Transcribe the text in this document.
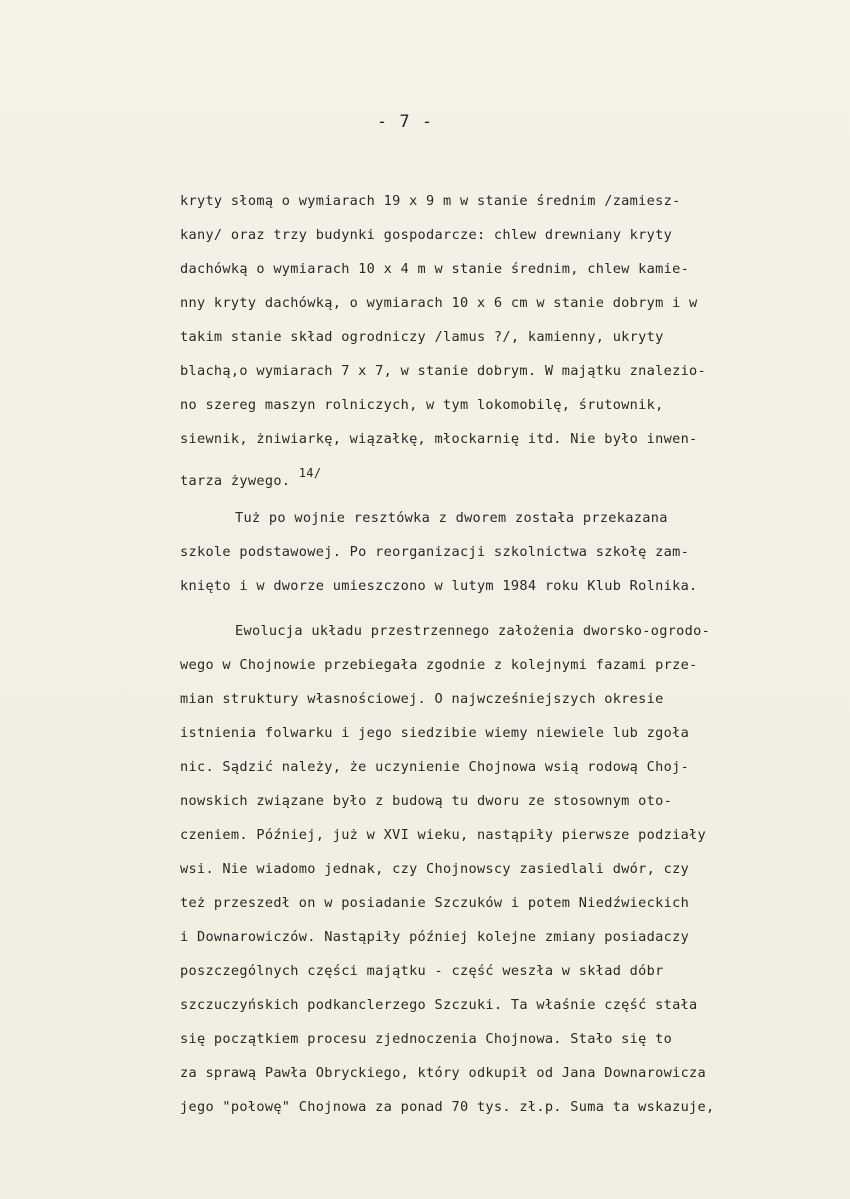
- 7 -
kryty słomą o wymiarach 19 x 9 m w stanie średnim /zamiesz-
kany/ oraz trzy budynki gospodarcze: chlew drewniany kryty
dachówką o wymiarach 10 x 4 m w stanie średnim, chlew kamie-
nny kryty dachówką, o wymiarach 10 x 6 cm w stanie dobrym i w
takim stanie skład ogrodniczy /lamus ?/, kamienny, ukryty
blachą,o wymiarach 7 x 7, w stanie dobrym. W majątku znalezio-
no szereg maszyn rolniczych, w tym lokomobilę, śrutownik,
siewnik, żniwiarkę, wiązałkę, młockarnię itd. Nie było inwen-
tarza żywego. $^{14/}$
Tuż po wojnie resztówka z dworem została przekazana
szkole podstawowej. Po reorganizacji szkolnictwa szkołę zam-
knięto i w dworze umieszczono w lutym 1984 roku Klub Rolnika.
Ewolucja układu przestrzennego założenia dworsko-ogrodo-
wego w Chojnowie przebiegała zgodnie z kolejnymi fazami prze-
mian struktury własnościowej. O najwcześniejszych okresie
istnienia folwarku i jego siedzibie wiemy niewiele lub zgoła
nic. Sądzić należy, że uczynienie Chojnowa wsią rodową Choj-
nowskich związane było z budową tu dworu ze stosownym oto-
czeniem. Później, już w XVI wieku, nastąpiły pierwsze podziały
wsi. Nie wiadomo jednak, czy Chojnowscy zasiedlali dwór, czy
też przeszedł on w posiadanie Szczuków i potem Niedźwieckich
i Downarowiczów. Nastąpiły później kolejne zmiany posiadaczy
poszczególnych części majątku - część weszła w skład dóbr
szczuczyńskich podkanclerzego Szczuki. Ta właśnie część stała
się początkiem procesu zjednoczenia Chojnowa. Stało się to
za sprawą Pawła Obryckiego, który odkupił od Jana Downarowicza
jego "połowę" Chojnowa za ponad 70 tys. zł.p. Suma ta wskazuje,
